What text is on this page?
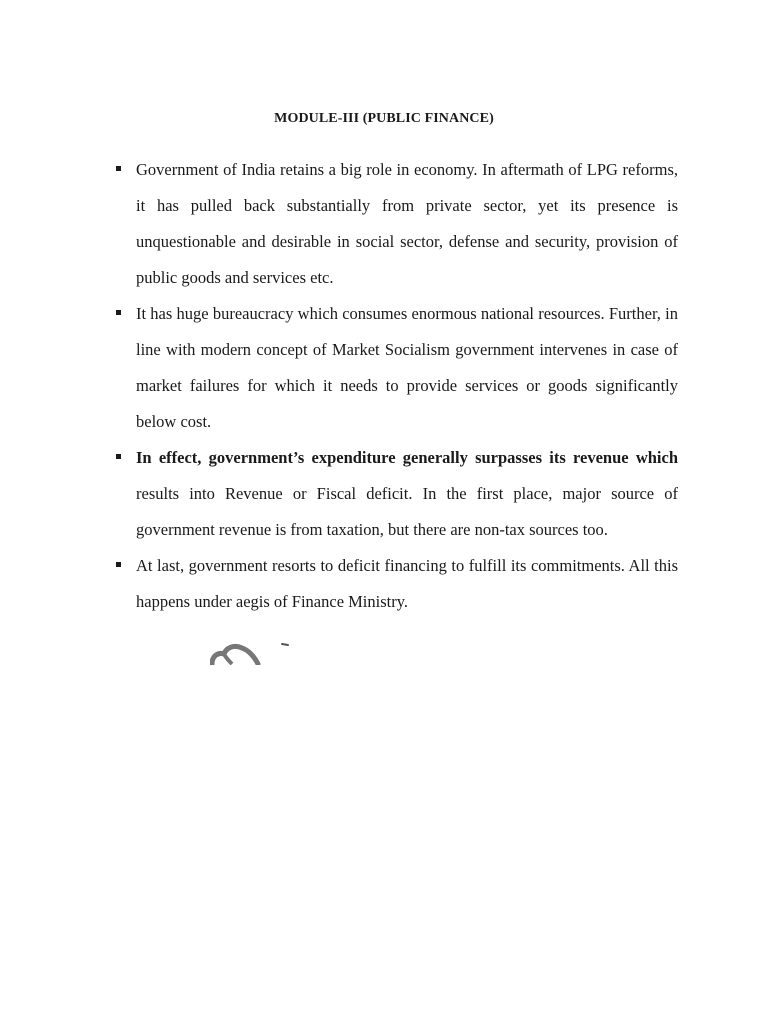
MODULE-III (PUBLIC FINANCE)
Government of India retains a big role in economy. In aftermath of LPG reforms, it has pulled back substantially from private sector, yet its presence is unquestionable and desirable in social sector, defense and security, provision of public goods and services etc.
It has huge bureaucracy which consumes enormous national resources. Further, in line with modern concept of Market Socialism government intervenes in case of market failures for which it needs to provide services or goods significantly below cost.
In effect, government’s expenditure generally surpasses its revenue which results into Revenue or Fiscal deficit. In the first place, major source of government revenue is from taxation, but there are non-tax sources too.
At last, government resorts to deficit financing to fulfill its commitments. All this happens under aegis of Finance Ministry.
